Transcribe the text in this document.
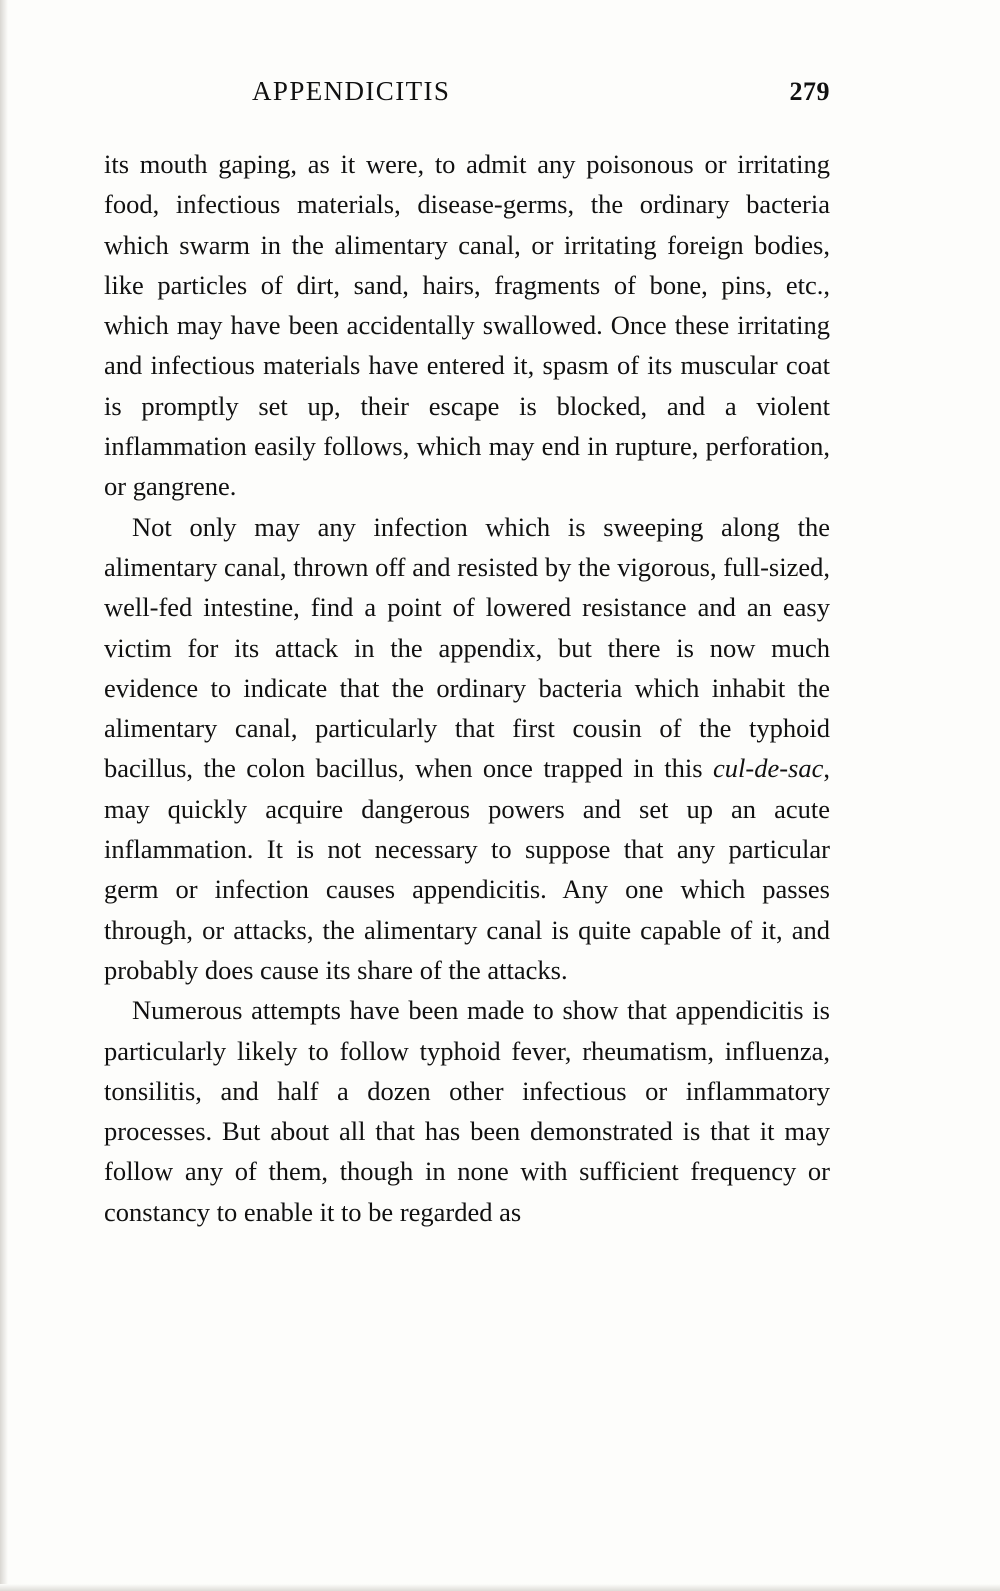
APPENDICITIS	279

its mouth gaping, as it were, to admit any poisonous or irritating food, infectious materials, disease-germs, the ordinary bacteria which swarm in the alimentary canal, or irritating foreign bodies, like particles of dirt, sand, hairs, fragments of bone, pins, etc., which may have been accidentally swallowed. Once these irritating and infectious materials have entered it, spasm of its muscular coat is promptly set up, their escape is blocked, and a violent inflammation easily follows, which may end in rupture, perforation, or gangrene.

Not only may any infection which is sweeping along the alimentary canal, thrown off and resisted by the vigorous, full-sized, well-fed intestine, find a point of lowered resistance and an easy victim for its attack in the appendix, but there is now much evidence to indicate that the ordinary bacteria which inhabit the alimentary canal, particularly that first cousin of the typhoid bacillus, the colon bacillus, when once trapped in this cul-de-sac, may quickly acquire dangerous powers and set up an acute inflammation. It is not necessary to suppose that any particular germ or infection causes appendicitis. Any one which passes through, or attacks, the alimentary canal is quite capable of it, and probably does cause its share of the attacks.

Numerous attempts have been made to show that appendicitis is particularly likely to follow typhoid fever, rheumatism, influenza, tonsilitis, and half a dozen other infectious or inflammatory processes. But about all that has been demonstrated is that it may follow any of them, though in none with sufficient frequency or constancy to enable it to be regarded as
